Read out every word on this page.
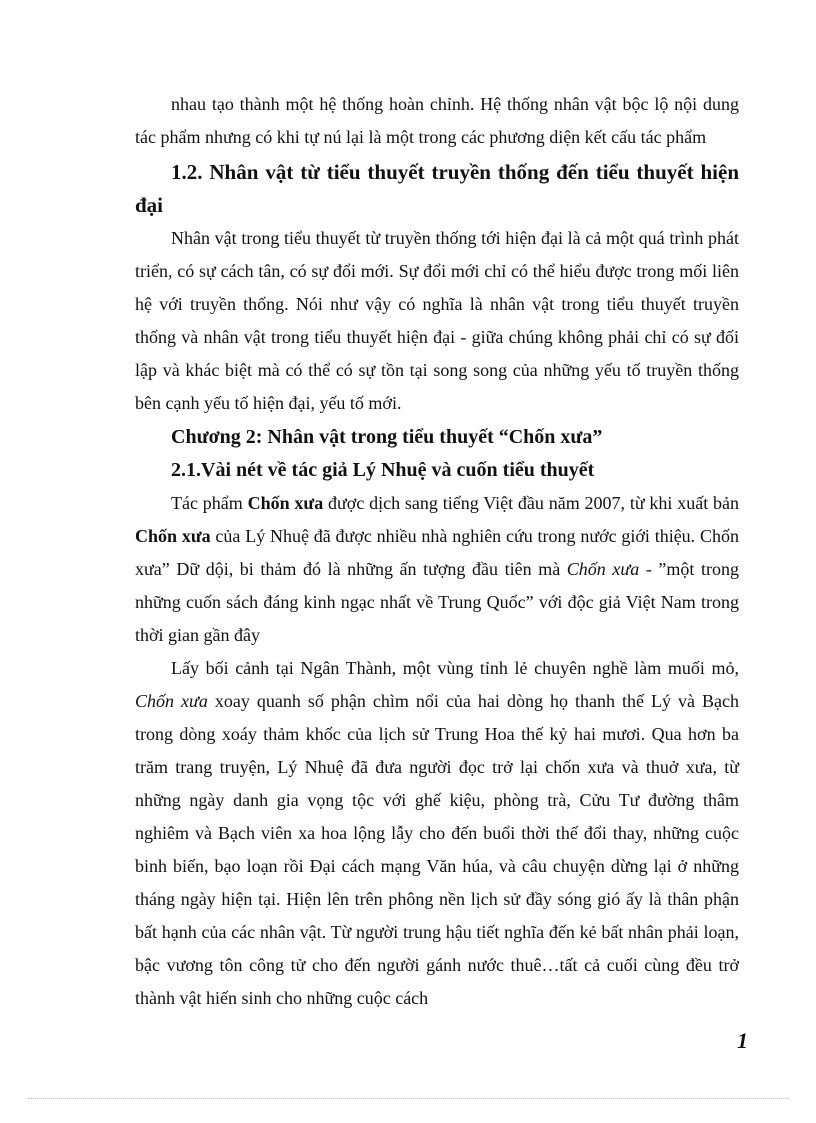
nhau tạo thành một hệ thống hoàn chỉnh. Hệ thống nhân vật bộc lộ nội dung tác phẩm nhưng có khi tự nú lại là một trong các phương diện kết cấu tác phẩm

1.2. Nhân vật từ tiểu thuyết truyền thống đến tiểu thuyết hiện đại

Nhân vật trong tiểu thuyết từ truyền thống tới hiện đại là cả một quá trình phát triển, có sự cách tân, có sự đổi mới. Sự đổi mới chỉ có thể hiểu được trong mối liên hệ với truyền thống. Nói như vậy có nghĩa là nhân vật trong tiểu thuyết truyền thống và nhân vật trong tiểu thuyết hiện đại - giữa chúng không phải chỉ có sự đối lập và khác biệt mà có thể có sự tồn tại song song của những yếu tố truyền thống bên cạnh yếu tố hiện đại, yếu tố mới.

Chương 2: Nhân vật trong tiểu thuyết “Chốn xưa”

2.1.Vài nét về tác giả Lý Nhuệ và cuốn tiểu thuyết

Tác phẩm Chốn xưa được dịch sang tiếng Việt đầu năm 2007, từ khi xuất bản Chốn xưa của Lý Nhuệ đã được nhiều nhà nghiên cứu trong nước giới thiệu. Chốn xưa” Dữ dội, bi thảm đó là những ấn tượng đầu tiên mà Chốn xưa - ”một trong những cuốn sách đáng kinh ngạc nhất về Trung Quốc” với độc giả Việt Nam trong thời gian gần đây

Lấy bối cảnh tại Ngân Thành, một vùng tỉnh lẻ chuyên nghề làm muối mỏ, Chốn xưa xoay quanh số phận chìm nổi của hai dòng họ thanh thế Lý và Bạch trong dòng xoáy thảm khốc của lịch sử Trung Hoa thế kỷ hai mươi. Qua hơn ba trăm trang truyện, Lý Nhuệ đã đưa người đọc trở lại chốn xưa và thuở xưa, từ những ngày danh gia vọng tộc với ghế kiệu, phòng trà, Cửu Tư đường thâm nghiêm và Bạch viên xa hoa lộng lẫy cho đến buổi thời thế đổi thay, những cuộc binh biến, bạo loạn rồi Đại cách mạng Văn húa, và câu chuyện dừng lại ở những tháng ngày hiện tại. Hiện lên trên phông nền lịch sử đầy sóng gió ấy là thân phận bất hạnh của các nhân vật. Từ người trung hậu tiết nghĩa đến kẻ bất nhân phải loạn, bậc vương tôn công tử cho đến người gánh nước thuê…tất cả cuối cùng đều trở thành vật hiến sinh cho những cuộc cách

1
